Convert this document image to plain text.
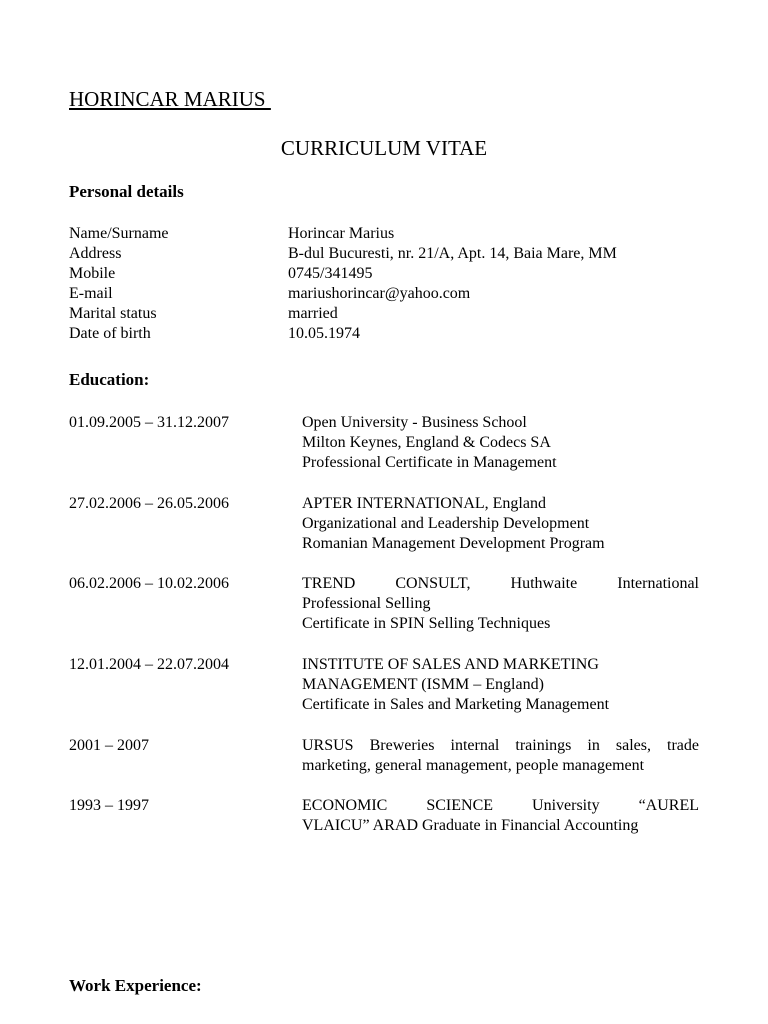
HORINCAR MARIUS
CURRICULUM VITAE
Personal details
Name/Surname	Horincar Marius
Address	B-dul Bucuresti, nr. 21/A, Apt. 14, Baia Mare, MM
Mobile	0745/341495
E-mail	mariushorincar@yahoo.com
Marital status	married
Date of birth	10.05.1974
Education:
01.09.2005 – 31.12.2007	Open University - Business School
Milton Keynes, England & Codecs SA
Professional Certificate in Management
27.02.2006 – 26.05.2006	APTER INTERNATIONAL, England
Organizational and Leadership Development
Romanian Management Development Program
06.02.2006 – 10.02.2006	TREND CONSULT, Huthwaite International
Professional Selling
Certificate in SPIN Selling Techniques
12.01.2004 – 22.07.2004	INSTITUTE OF SALES AND MARKETING
MANAGEMENT (ISMM – England)
Certificate in Sales and Marketing Management
2001 – 2007	URSUS Breweries internal trainings in sales, trade
marketing, general management, people management
1993 – 1997	ECONOMIC SCIENCE University “AUREL
VLAICU” ARAD Graduate in Financial Accounting
Work Experience:
